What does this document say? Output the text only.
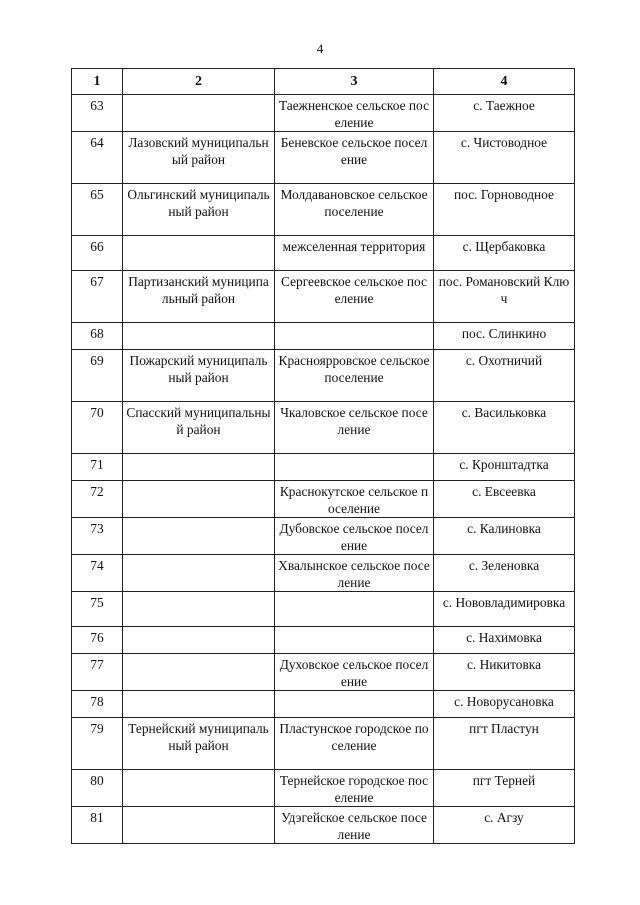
4
1	2	3	4
63		Таежненское сельское поселение	с. Таежное
64	Лазовский муниципальный район	Беневское сельское поселение	с. Чистоводное
65	Ольгинский муниципальный район	Молдавановское сельское поселение	пос. Горноводное
66		межселенная территория	с. Щербаковка
67	Партизанский муниципальный район	Сергеевское сельское поселение	пос. Романовский Ключ
68			пос. Слинкино
69	Пожарский муниципальный район	Красноярровское сельское поселение	с. Охотничий
70	Спасский муниципальный район	Чкаловское сельское поселение	с. Васильковка
71			с. Кронштадтка
72		Краснокутское сельское поселение	с. Евсеевка
73		Дубовское сельское поселение	с. Калиновка
74		Хвалынское сельское поселение	с. Зеленовка
75			с. Нововладимировка
76			с. Нахимовка
77		Духовское сельское поселение	с. Никитовка
78			с. Новорусановка
79	Тернейский муниципальный район	Пластунское городское поселение	пгт Пластун
80		Тернейское городское поселение	пгт Терней
81		Удэгейское сельское поселение	с. Агзу
